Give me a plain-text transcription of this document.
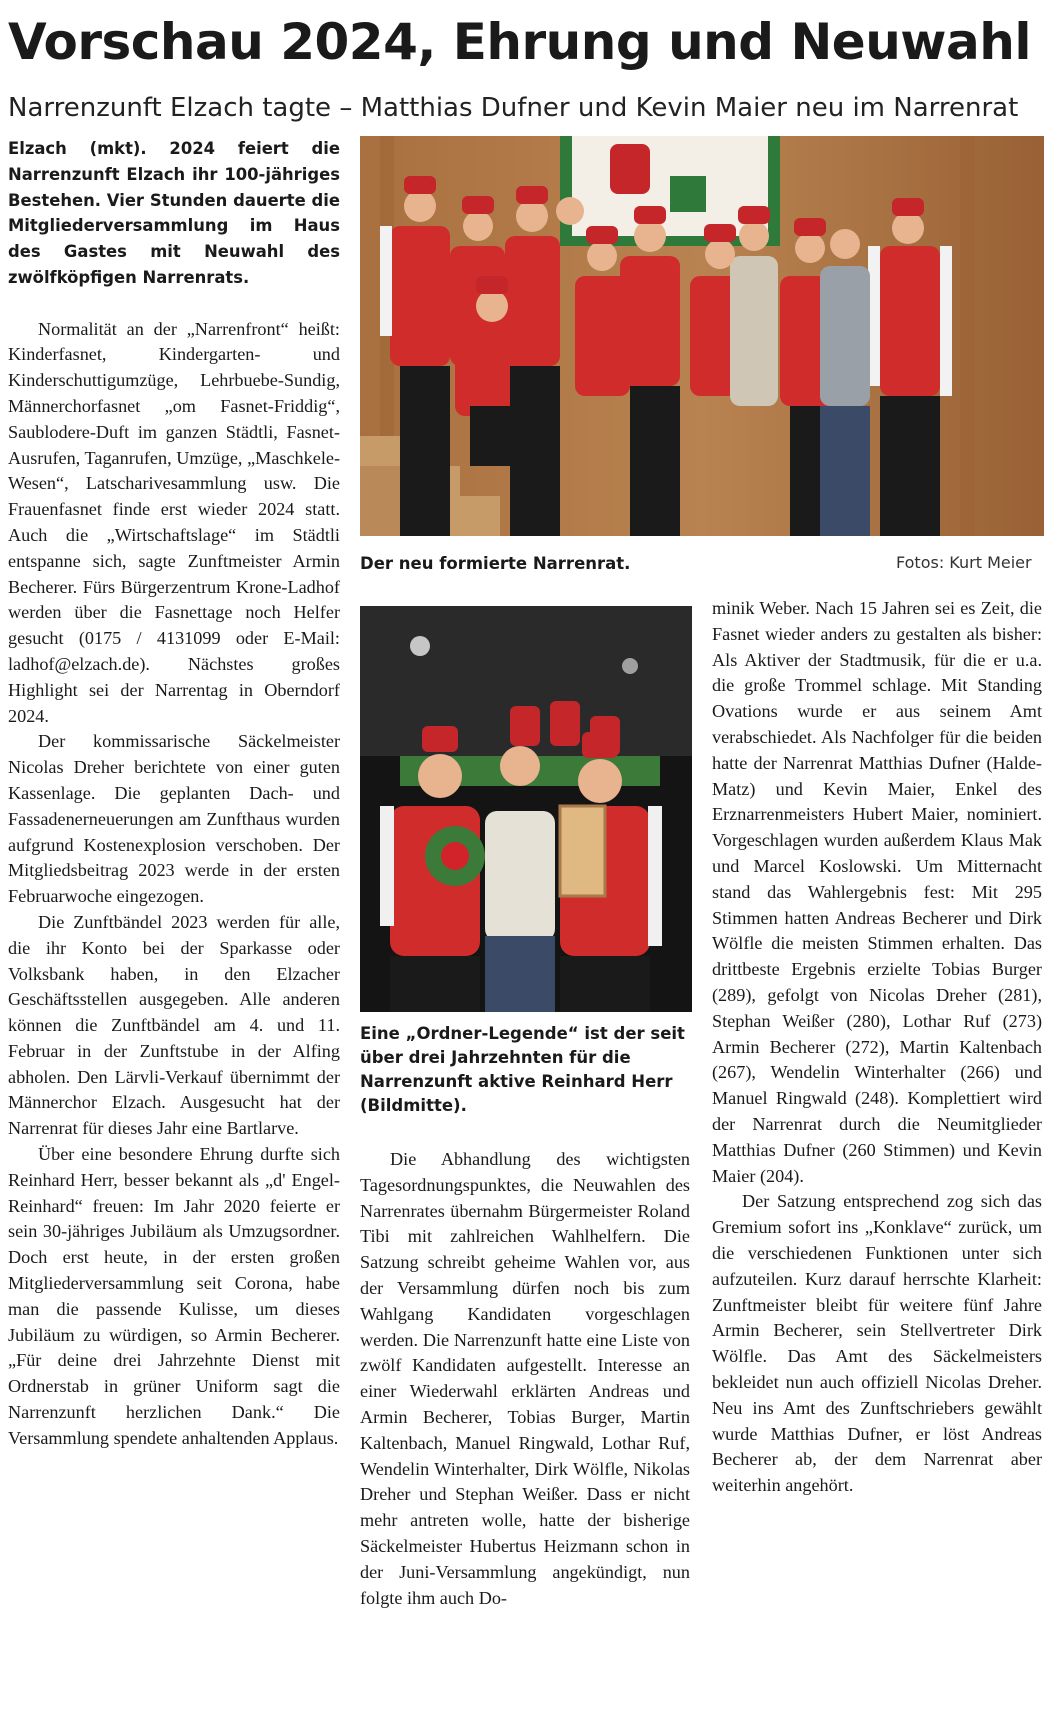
Vorschau 2024, Ehrung und Neuwahl
Narrenzunft Elzach tagte – Matthias Dufner und Kevin Maier neu im Narrenrat

Elzach (mkt). 2024 feiert die Narrenzunft Elzach ihr 100-jähriges Bestehen. Vier Stunden dauerte die Mitgliederversammlung im Haus des Gastes mit Neuwahl des zwölfköpfigen Narrenrats.

Normalität an der „Narrenfront“ heißt: Kinderfasnet, Kindergarten- und Kinderschuttigumzüge, Lehrbuebe-Sundig, Männerchorfasnet „om Fasnet-Friddig“, Saublodere-Duft im ganzen Städtli, Fasnet-Ausrufen, Taganrufen, Umzüge, „Maschkele-Wesen“, Latscharivesammlung usw. Die Frauenfasnet finde erst wieder 2024 statt. Auch die „Wirtschaftslage“ im Städtli entspanne sich, sagte Zunftmeister Armin Becherer. Fürs Bürgerzentrum Krone-Ladhof werden über die Fasnettage noch Helfer gesucht (0175 / 4131099 oder E-Mail: ladhof@elzach.de). Nächstes großes Highlight sei der Narrentag in Oberndorf 2024.

Der kommissarische Säckelmeister Nicolas Dreher berichtete von einer guten Kassenlage. Die geplanten Dach- und Fassadenerneuerungen am Zunfthaus wurden aufgrund Kostenexplosion verschoben. Der Mitgliedsbeitrag 2023 werde in der ersten Februarwoche eingezogen.

Die Zunftbändel 2023 werden für alle, die ihr Konto bei der Sparkasse oder Volksbank haben, in den Elzacher Geschäftsstellen ausgegeben. Alle anderen können die Zunftbändel am 4. und 11. Februar in der Zunftstube in der Alfing abholen. Den Lärvli-Verkauf übernimmt der Männerchor Elzach. Ausgesucht hat der Narrenrat für dieses Jahr eine Bartlarve.

Über eine besondere Ehrung durfte sich Reinhard Herr, besser bekannt als „d' Engel-Reinhard“ freuen: Im Jahr 2020 feierte er sein 30-jähriges Jubiläum als Umzugsordner. Doch erst heute, in der ersten großen Mitgliederversammlung seit Corona, habe man die passende Kulisse, um dieses Jubiläum zu würdigen, so Armin Becherer. „Für deine drei Jahrzehnte Dienst mit Ordnerstab in grüner Uniform sagt die Narrenzunft herzlichen Dank.“ Die Versammlung spendete anhaltenden Applaus.

Der neu formierte Narrenrat.	Fotos: Kurt Meier
Eine „Ordner-Legende“ ist der seit über drei Jahrzehnten für die Narrenzunft aktive Reinhard Herr (Bildmitte).

Die Abhandlung des wichtigsten Tagesordnungspunktes, die Neuwahlen des Narrenrates übernahm Bürgermeister Roland Tibi mit zahlreichen Wahlhelfern. Die Satzung schreibt geheime Wahlen vor, aus der Versammlung dürfen noch bis zum Wahlgang Kandidaten vorgeschlagen werden. Die Narrenzunft hatte eine Liste von zwölf Kandidaten aufgestellt. Interesse an einer Wiederwahl erklärten Andreas und Armin Becherer, Tobias Burger, Martin Kaltenbach, Manuel Ringwald, Lothar Ruf, Wendelin Winterhalter, Dirk Wölfle, Nikolas Dreher und Stephan Weißer. Dass er nicht mehr antreten wolle, hatte der bisherige Säckelmeister Hubertus Heizmann schon in der Juni-Versammlung angekündigt, nun folgte ihm auch Do-

minik Weber. Nach 15 Jahren sei es Zeit, die Fasnet wieder anders zu gestalten als bisher: Als Aktiver der Stadtmusik, für die er u.a. die große Trommel schlage. Mit Standing Ovations wurde er aus seinem Amt verabschiedet. Als Nachfolger für die beiden hatte der Narrenrat Matthias Dufner (Halde-Matz) und Kevin Maier, Enkel des Erznarrenmeisters Hubert Maier, nominiert. Vorgeschlagen wurden außerdem Klaus Mak und Marcel Koslowski. Um Mitternacht stand das Wahlergebnis fest: Mit 295 Stimmen hatten Andreas Becherer und Dirk Wölfle die meisten Stimmen erhalten. Das drittbeste Ergebnis erzielte Tobias Burger (289), gefolgt von Nicolas Dreher (281), Stephan Weißer (280), Lothar Ruf (273) Armin Becherer (272), Martin Kaltenbach (267), Wendelin Winterhalter (266) und Manuel Ringwald (248). Komplettiert wird der Narrenrat durch die Neumitglieder Matthias Dufner (260 Stimmen) und Kevin Maier (204).

Der Satzung entsprechend zog sich das Gremium sofort ins „Konklave“ zurück, um die verschiedenen Funktionen unter sich aufzuteilen. Kurz darauf herrschte Klarheit: Zunftmeister bleibt für weitere fünf Jahre Armin Becherer, sein Stellvertreter Dirk Wölfle. Das Amt des Säckelmeisters bekleidet nun auch offiziell Nicolas Dreher. Neu ins Amt des Zunftschriebers gewählt wurde Matthias Dufner, er löst Andreas Becherer ab, der dem Narrenrat aber weiterhin angehört.
